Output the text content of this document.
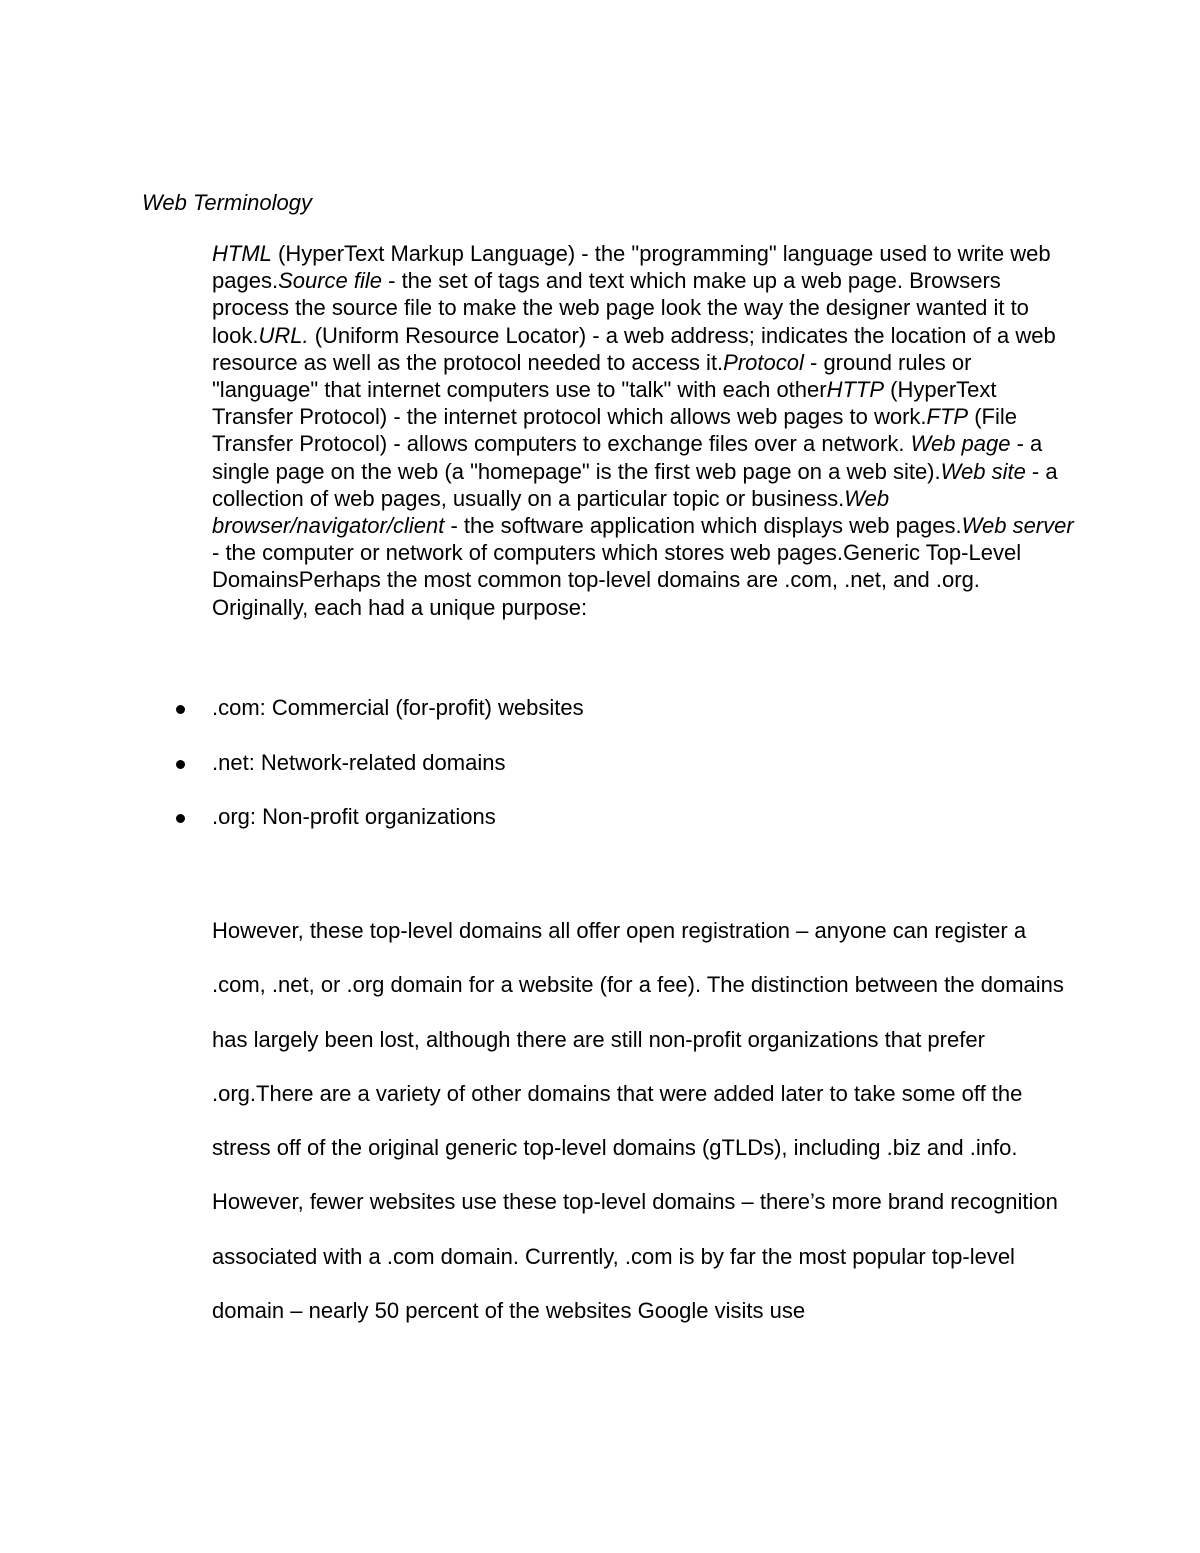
Web Terminology
HTML (HyperText Markup Language) - the "programming" language used to write web pages.Source file - the set of tags and text which make up a web page. Browsers process the source file to make the web page look the way the designer wanted it to look.URL. (Uniform Resource Locator) - a web address; indicates the location of a web resource as well as the protocol needed to access it.Protocol - ground rules or "language" that internet computers use to "talk" with each otherHTTP (HyperText Transfer Protocol) - the internet protocol which allows web pages to work.FTP (File Transfer Protocol) - allows computers to exchange files over a network. Web page - a single page on the web (a "homepage" is the first web page on a web site).Web site - a collection of web pages, usually on a particular topic or business.Web browser/navigator/client - the software application which displays web pages.Web server - the computer or network of computers which stores web pages.Generic Top-Level DomainsPerhaps the most common top-level domains are .com, .net, and .org. Originally, each had a unique purpose:
.com: Commercial (for-profit) websites
.net: Network-related domains
.org: Non-profit organizations
However, these top-level domains all offer open registration – anyone can register a .com, .net, or .org domain for a website (for a fee). The distinction between the domains has largely been lost, although there are still non-profit organizations that prefer .org.There are a variety of other domains that were added later to take some off the stress off of the original generic top-level domains (gTLDs), including .biz and .info. However, fewer websites use these top-level domains – there’s more brand recognition associated with a .com domain. Currently, .com is by far the most popular top-level domain – nearly 50 percent of the websites Google visits use
